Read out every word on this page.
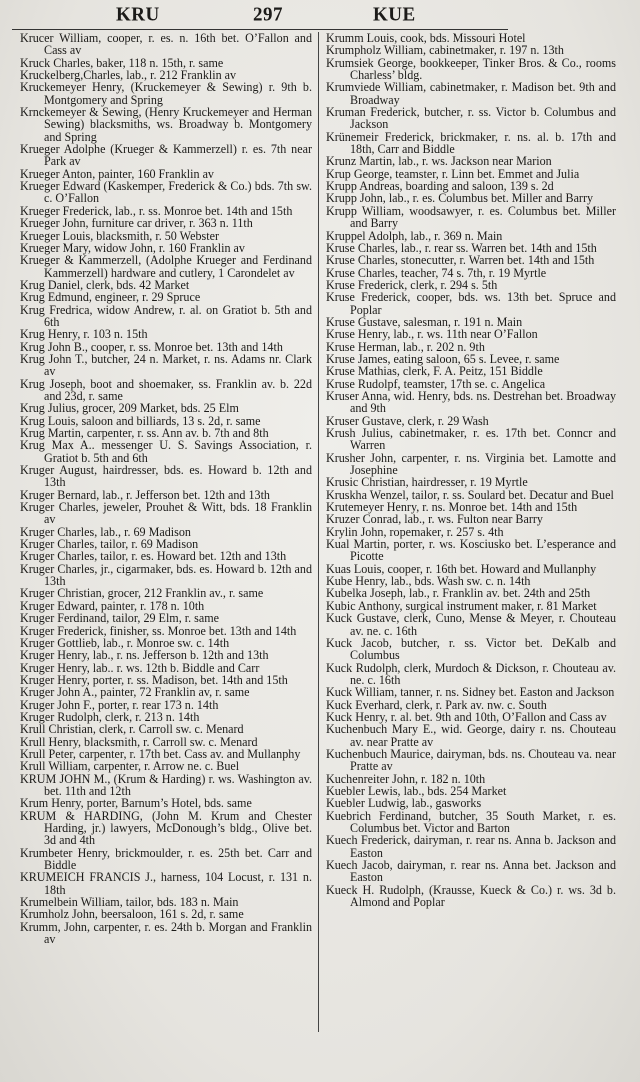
KRU	297	KUE
Krucer William, cooper, r. es. n. 16th bet. O’Fallon and Cass av
Kruck Charles, baker, 118 n. 15th, r. same
Kruckelberg,Charles, lab., r. 212 Franklin av
Kruckemeyer Henry, (Kruckemeyer & Sewing) r. 9th b. Montgomery and Spring
Krnckemeyer & Sewing, (Henry Kruckemeyer and Herman Sewing) blacksmiths, ws. Broadway b. Montgomery and Spring
Krueger Adolphe (Krueger & Kammerzell) r. es. 7th near Park av
Krueger Anton, painter, 160 Franklin av
Krueger Edward (Kaskemper, Frederick & Co.) bds. 7th sw. c. O’Fallon
Krueger Frederick, lab., r. ss. Monroe bet. 14th and 15th
Krueger John, furniture car driver, r. 363 n. 11th
Krueger Louis, blacksmith, r. 50 Webster
Krueger Mary, widow John, r. 160 Franklin av
Krueger & Kammerzell, (Adolphe Krueger and Ferdinand Kammerzell) hardware and cutlery, 1 Carondelet av
Krug Daniel, clerk, bds. 42 Market
Krug Edmund, engineer, r. 29 Spruce
Krug Fredrica, widow Andrew, r. al. on Gratiot b. 5th and 6th
Krug Henry, r. 103 n. 15th
Krug John B., cooper, r. ss. Monroe bet. 13th and 14th
Krug John T., butcher, 24 n. Market, r. ns. Adams nr. Clark av
Krug Joseph, boot and shoemaker, ss. Franklin av. b. 22d and 23d, r. same
Krug Julius, grocer, 209 Market, bds. 25 Elm
Krug Louis, saloon and billiards, 13 s. 2d, r. same
Krug Martin, carpenter, r. ss. Ann av. b. 7th and 8th
Krug Max A.. messenger U. S. Savings Association, r. Gratiot b. 5th and 6th
Kruger August, hairdresser, bds. es. Howard b. 12th and 13th
Kruger Bernard, lab., r. Jefferson bet. 12th and 13th
Kruger Charles, jeweler, Prouhet & Witt, bds. 18 Franklin av
Kruger Charles, lab., r. 69 Madison
Kruger Charles, tailor, r. 69 Madison
Kruger Charles, tailor, r. es. Howard bet. 12th and 13th
Kruger Charles, jr., cigarmaker, bds. es. Howard b. 12th and 13th
Kruger Christian, grocer, 212 Franklin av., r. same
Kruger Edward, painter, r. 178 n. 10th
Kruger Ferdinand, tailor, 29 Elm, r. same
Kruger Frederick, finisher, ss. Monroe bet. 13th and 14th
Kruger Gottlieb, lab., r. Monroe sw. c. 14th
Kruger Henry, lab., r. ns. Jefferson b. 12th and 13th
Kruger Henry, lab.. r. ws. 12th b. Biddle and Carr
Kruger Henry, porter, r. ss. Madison, bet. 14th and 15th
Kruger John A., painter, 72 Franklin av, r. same
Kruger John F., porter, r. rear 173 n. 14th
Kruger Rudolph, clerk, r. 213 n. 14th
Krull Christian, clerk, r. Carroll sw. c. Menard
Krull Henry, blacksmith, r. Carroll sw. c. Menard
Krull Peter, carpenter, r. 17th bet. Cass av. and Mullanphy
Krull William, carpenter, r. Arrow ne. c. Buel
KRUM JOHN M., (Krum & Harding) r. ws. Washington av. bet. 11th and 12th
Krum Henry, porter, Barnum’s Hotel, bds. same
KRUM & HARDING, (John M. Krum and Chester Harding, jr.) lawyers, McDonough’s bldg., Olive bet. 3d and 4th
Krumbeter Henry, brickmoulder, r. es. 25th bet. Carr and Biddle
KRUMEICH FRANCIS J., harness, 104 Locust, r. 131 n. 18th
Krumelbein William, tailor, bds. 183 n. Main
Krumholz John, beersaloon, 161 s. 2d, r. same
Krumm, John, carpenter, r. es. 24th b. Morgan and Franklin av
Krumm Louis, cook, bds. Missouri Hotel
Krumpholz William, cabinetmaker, r. 197 n. 13th
Krumsiek George, bookkeeper, Tinker Bros. & Co., rooms Charless’ bldg.
Krumviede William, cabinetmaker, r. Madison bet. 9th and Broadway
Kruman Frederick, butcher, r. ss. Victor b. Columbus and Jackson
Krünemeir Frederick, brickmaker, r. ns. al. b. 17th and 18th, Carr and Biddle
Krunz Martin, lab., r. ws. Jackson near Marion
Krup George, teamster, r. Linn bet. Emmet and Julia
Krupp Andreas, boarding and saloon, 139 s. 2d
Krupp John, lab., r. es. Columbus bet. Miller and Barry
Krupp William, woodsawyer, r. es. Columbus bet. Miller and Barry
Kruppel Adolph, lab., r. 369 n. Main
Kruse Charles, lab., r. rear ss. Warren bet. 14th and 15th
Kruse Charles, stonecutter, r. Warren bet. 14th and 15th
Kruse Charles, teacher, 74 s. 7th, r. 19 Myrtle
Kruse Frederick, clerk, r. 294 s. 5th
Kruse Frederick, cooper, bds. ws. 13th bet. Spruce and Poplar
Kruse Gustave, salesman, r. 191 n. Main
Kruse Henry, lab., r. ws. 11th near O’Fallon
Kruse Herman, lab., r. 202 n. 9th
Kruse James, eating saloon, 65 s. Levee, r. same
Kruse Mathias, clerk, F. A. Peitz, 151 Biddle
Kruse Rudolpf, teamster, 17th se. c. Angelica
Kruser Anna, wid. Henry, bds. ns. Destrehan bet. Broadway and 9th
Kruser Gustave, clerk, r. 29 Wash
Krush Julius, cabinetmaker, r. es. 17th bet. Conncr and Warren
Krusher John, carpenter, r. ns. Virginia bet. Lamotte and Josephine
Krusic Christian, hairdresser, r. 19 Myrtle
Kruskha Wenzel, tailor, r. ss. Soulard bet. Decatur and Buel
Krutemeyer Henry, r. ns. Monroe bet. 14th and 15th
Kruzer Conrad, lab., r. ws. Fulton near Barry
Krylin John, ropemaker, r. 257 s. 4th
Kual Martin, porter, r. ws. Kosciusko bet. L’esperance and Picotte
Kuas Louis, cooper, r. 16th bet. Howard and Mullanphy
Kube Henry, lab., bds. Wash sw. c. n. 14th
Kubelka Joseph, lab., r. Franklin av. bet. 24th and 25th
Kubic Anthony, surgical instrument maker, r. 81 Market
Kuck Gustave, clerk, Cuno, Mense & Meyer, r. Chouteau av. ne. c. 16th
Kuck Jacob, butcher, r. ss. Victor bet. DeKalb and Columbus
Kuck Rudolph, clerk, Murdoch & Dickson, r. Chouteau av. ne. c. 16th
Kuck William, tanner, r. ns. Sidney bet. Easton and Jackson
Kuck Everhard, clerk, r. Park av. nw. c. South
Kuck Henry, r. al. bet. 9th and 10th, O’Fallon and Cass av
Kuchenbuch Mary E., wid. George, dairy r. ns. Chouteau av. near Pratte av
Kuchenbuch Maurice, dairyman, bds. ns. Chouteau va. near Pratte av
Kuchenreiter John, r. 182 n. 10th
Kuebler Lewis, lab., bds. 254 Market
Kuebler Ludwig, lab., gasworks
Kuebrich Ferdinand, butcher, 35 South Market, r. es. Columbus bet. Victor and Barton
Kuech Frederick, dairyman, r. rear ns. Anna b. Jackson and Easton
Kuech Jacob, dairyman, r. rear ns. Anna bet. Jackson and Easton
Kueck H. Rudolph, (Krausse, Kueck & Co.) r. ws. 3d b. Almond and Poplar
